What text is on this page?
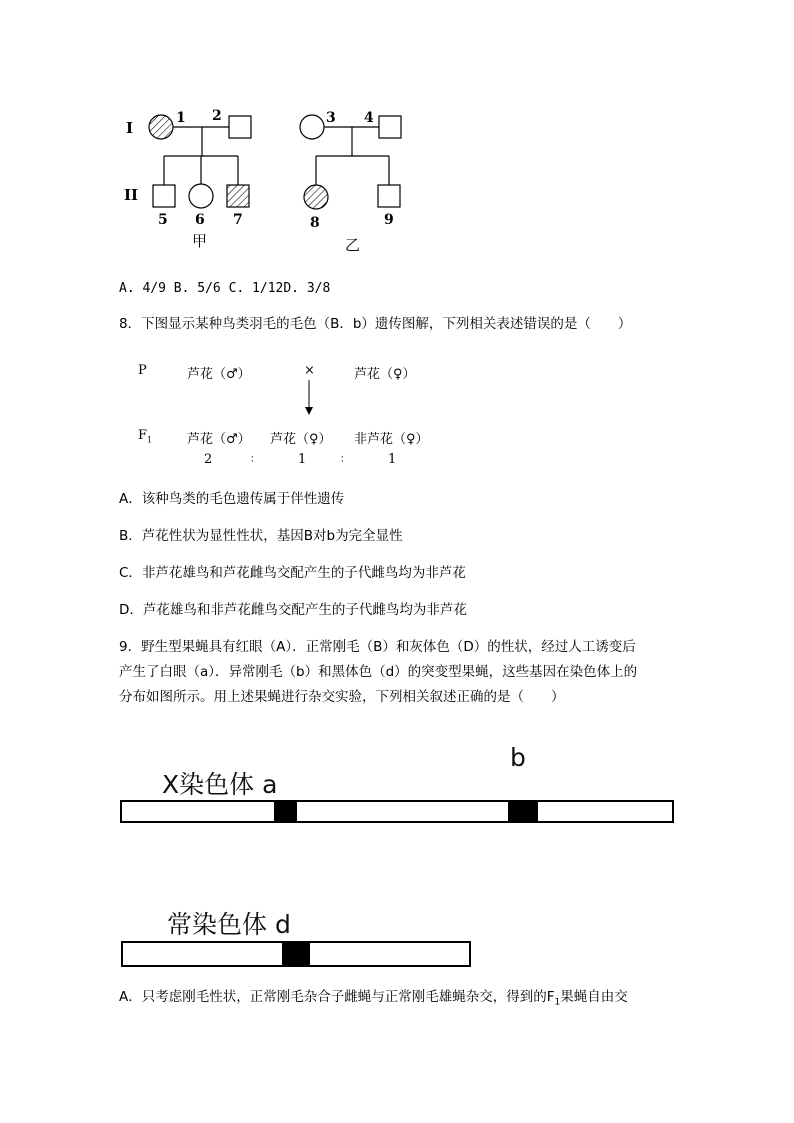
I
II
1 2	3 4
5 6 7	8	9
甲	乙
A. 4/9 B. 5/6 C. 1/12D. 3/8
8．下图显示某种鸟类羽毛的毛色（B．b）遗传图解，下列相关表述错误的是（　　）
P	芦花（♂）	×	芦花（♀）
$F_1$	芦花（♂） 芦花（♀） 非芦花（♀）
2	：	1	：	1
A．该种鸟类的毛色遗传属于伴性遗传
B．芦花性状为显性性状，基因B对b为完全显性
C．非芦花雄鸟和芦花雌鸟交配产生的子代雌鸟均为非芦花
D．芦花雄鸟和非芦花雌鸟交配产生的子代雌鸟均为非芦花
9．野生型果蝇具有红眼（A）．正常刚毛（B）和灰体色（D）的性状，经过人工诱变后
产生了白眼（a）．异常刚毛（b）和黑体色（d）的突变型果蝇，这些基因在染色体上的
分布如图所示。用上述果蝇进行杂交实验，下列相关叙述正确的是（　　）
X染色体 a
b
常染色体 d
A．只考虑刚毛性状，正常刚毛杂合子雌蝇与正常刚毛雄蝇杂交，得到的$F_1$果蝇自由交
